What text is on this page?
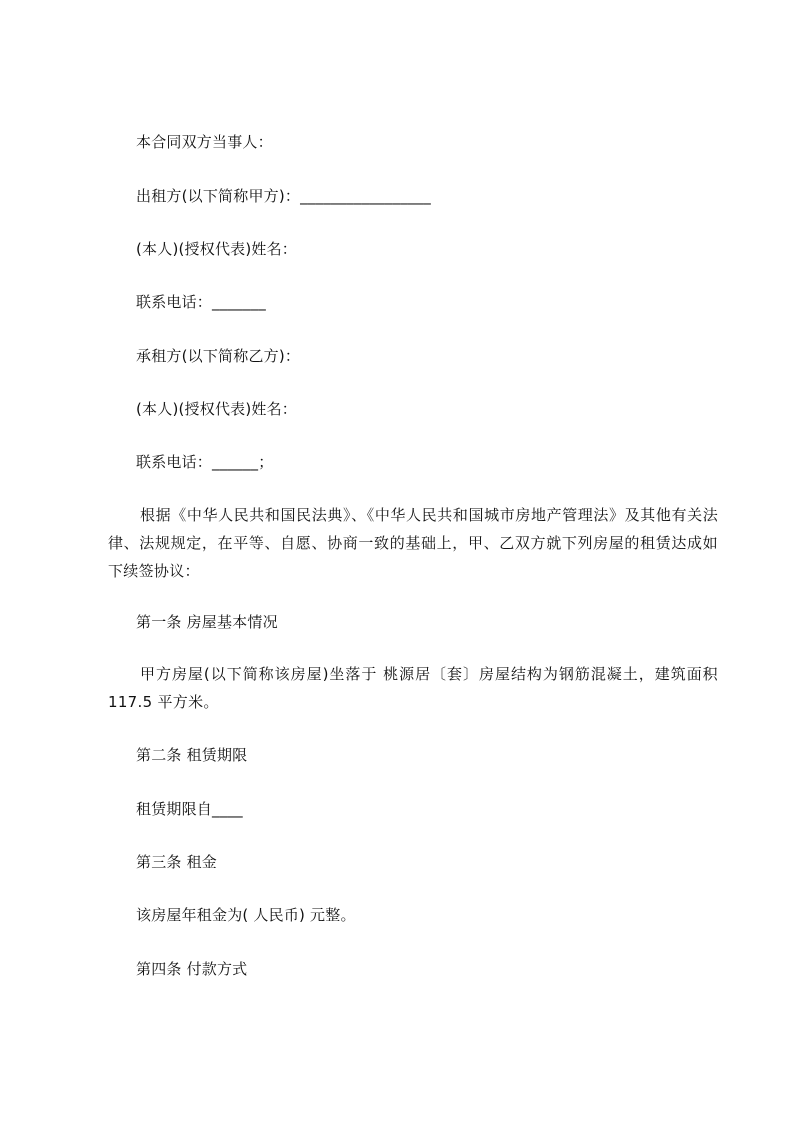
本合同双方当事人：
出租方(以下简称甲方)：_________________
(本人)(授权代表)姓名：
联系电话：_______
承租方(以下简称乙方)：
(本人)(授权代表)姓名：
联系电话：______；
根据《中华人民共和国民法典》、《中华人民共和国城市房地产管理法》及其他有关法律、法规规定，在平等、自愿、协商一致的基础上，甲、乙双方就下列房屋的租赁达成如下续签协议：
第一条 房屋基本情况
甲方房屋(以下简称该房屋)坐落于 桃源居〔套〕房屋结构为钢筋混凝土，建筑面积 117.5 平方米。
第二条 租赁期限
租赁期限自____
第三条 租金
该房屋年租金为( 人民币) 元整。
第四条 付款方式
